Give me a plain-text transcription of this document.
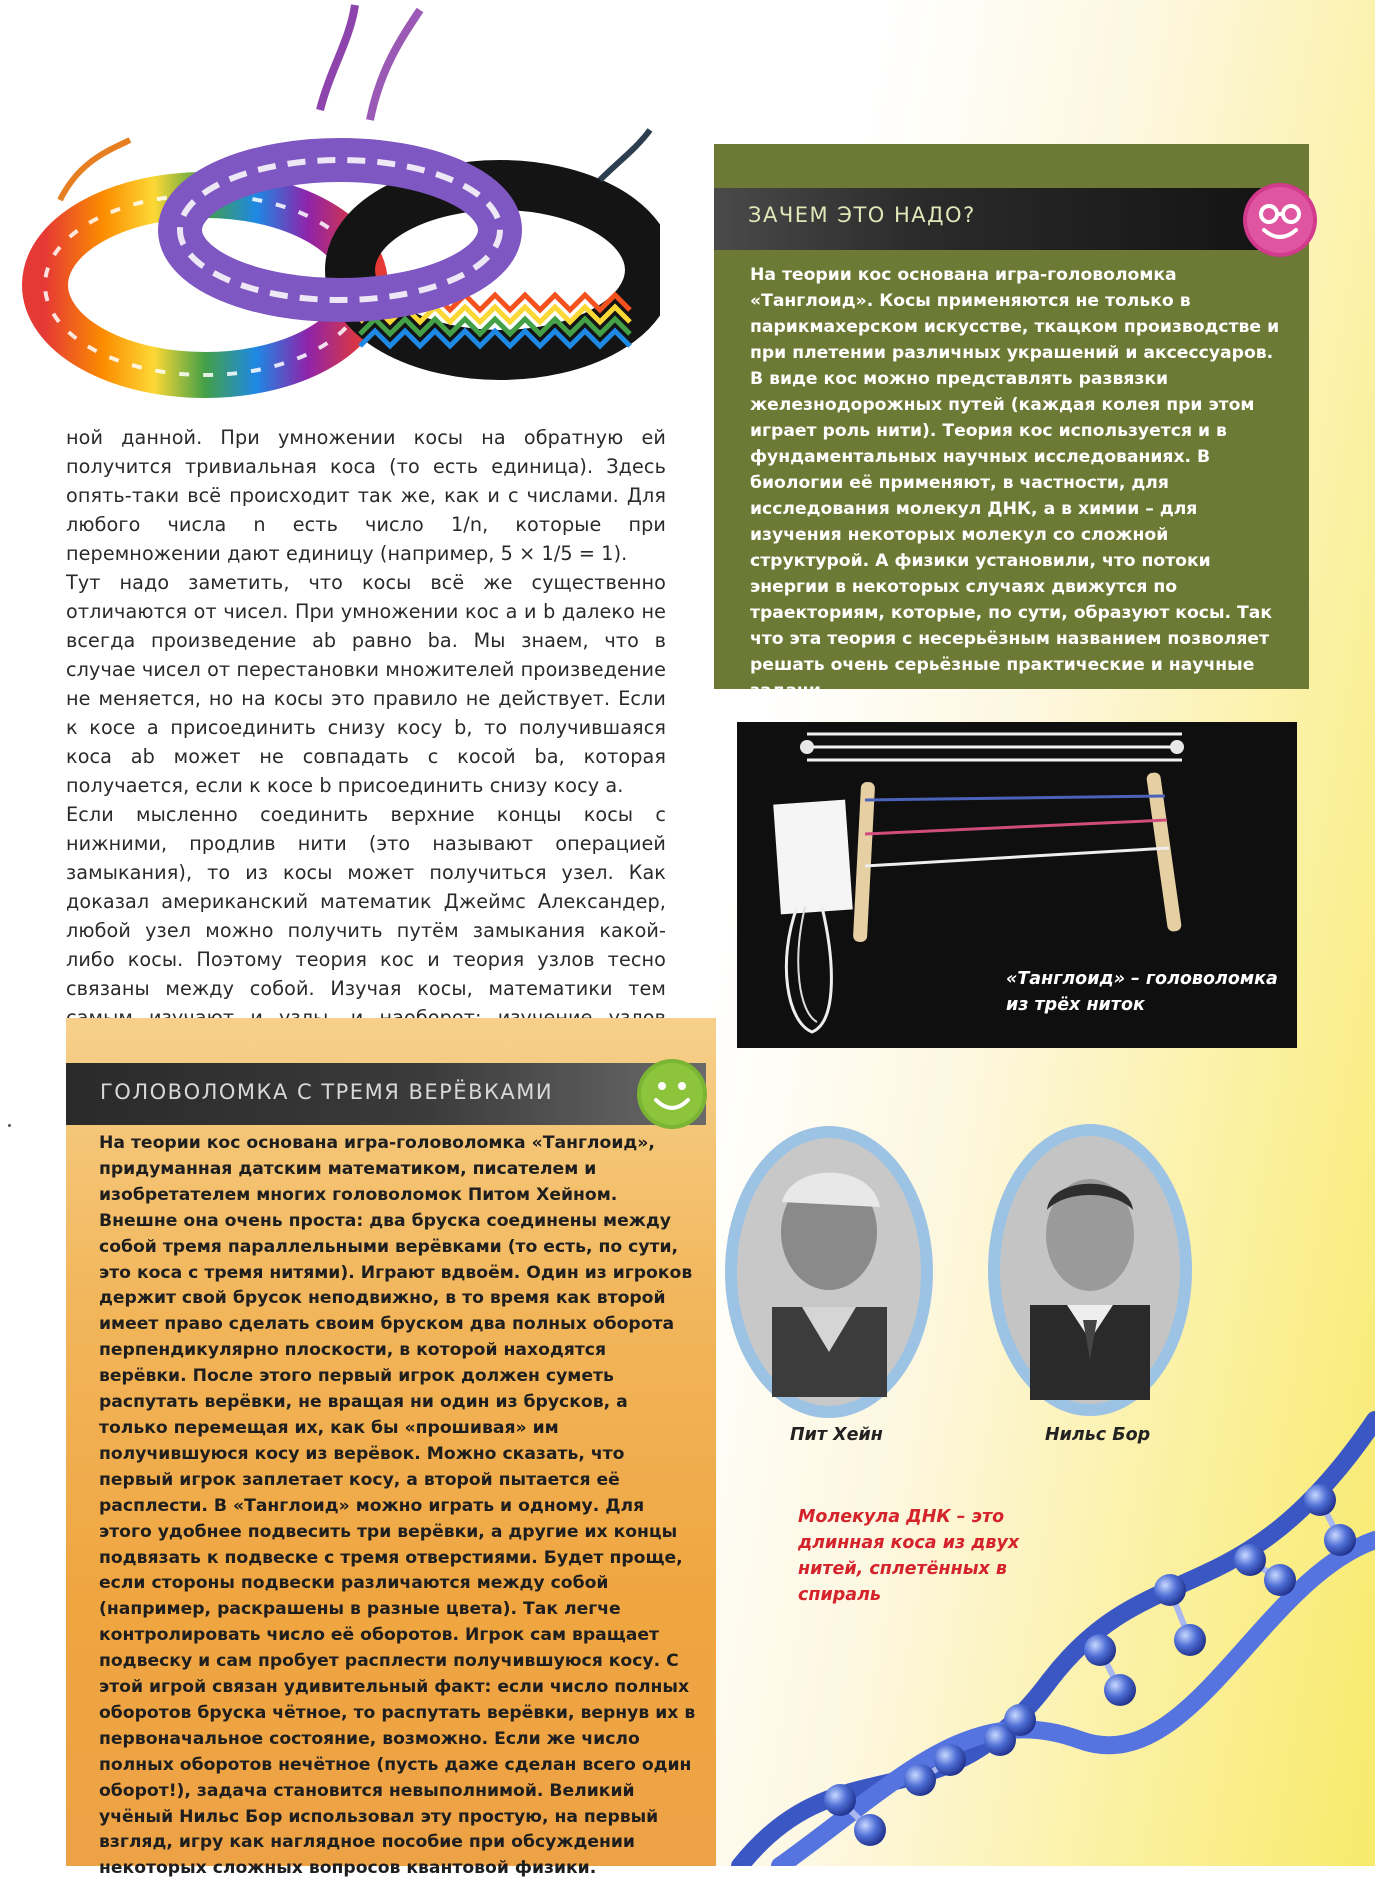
ной данной. При умножении косы на обратную ей получится тривиальная коса (то есть единица). Здесь опять-таки всё происходит так же, как и с числами. Для любого числа n есть число 1/n, которые при перемножении дают единицу (например, 5 × 1/5 = 1).

Тут надо заметить, что косы всё же существенно отличаются от чисел. При умножении кос a и b далеко не всегда произведение ab равно ba. Мы знаем, что в случае чисел от перестановки множителей произведение не меняется, но на косы это правило не действует. Если к косе a присоединить снизу косу b, то получившаяся коса ab может не совпадать с косой ba, которая получается, если к косе b присоединить снизу косу a.

Если мысленно соединить верхние концы косы с нижними, продлив нити (это называют операцией замыкания), то из косы может получиться узел. Как доказал американский математик Джеймс Александер, любой узел можно получить путём замыкания какой-либо косы. Поэтому теория кос и теория узлов тесно связаны между собой. Изучая косы, математики тем

ЗАЧЕМ ЭТО НАДО?
На теории кос основана игра-головоломка «Танглоид». Косы применяются не только в парикмахерском искусстве, ткацком производстве и при плетении различных украшений и аксессуаров. В виде кос можно представлять развязки железнодорожных путей (каждая колея при этом играет роль нити). Теория кос используется и в фундаментальных научных исследованиях. В биологии её применяют, в частности, для исследования молекул ДНК, а в химии – для изучения некоторых молекул со сложной структурой. А физики установили, что потоки энергии в некоторых случаях движутся по траекториям, которые, по сути, образуют косы. Так что эта теория с несерьёзным названием позволяет решать очень серьёзные практические и научные задачи.
«Танглоид» – головоломка из трёх ниток
ГОЛОВОЛОМКА С ТРЕМЯ ВЕРЁВКАМИ
На теории кос основана игра-головоломка «Танглоид», придуманная датским математиком, писателем и изобретателем многих головоломок Питом Хейном. Внешне она очень проста: два бруска соединены между собой тремя параллельными верёвками (то есть, по сути, это коса с тремя нитями). Играют вдвоём. Один из игроков держит свой брусок неподвижно, в то время как второй имеет право сделать своим бруском два полных оборота перпендикулярно плоскости, в которой находятся верёвки. После этого первый игрок должен суметь распутать верёвки, не вращая ни один из брусков, а только перемещая их, как бы «прошивая» им получившуюся косу из верёвок. Можно сказать, что первый игрок заплетает косу, а второй пытается её расплести. В «Танглоид» можно играть и одному. Для этого удобнее подвесить три верёвки, а другие их концы подвязать к подвеске с тремя отверстиями. Будет проще, если стороны подвески различаются между собой (например, раскрашены в разные цвета). Так легче контролировать число её оборотов. Игрок сам вращает подвеску и сам пробует расплести получившуюся косу. С этой игрой связан удивительный факт: если число полных оборотов бруска чётное, то распутать верёвки, вернув их в первоначальное состояние, возможно. Если же число полных оборотов нечётное (пусть даже сделан всего один оборот!), задача становится невыполнимой. Великий учёный Нильс Бор использовал эту простую, на первый взгляд, игру как наглядное пособие при обсуждении некоторых сложных вопросов квантовой физики.
Пит Хейн	Нильс Бор
Молекула ДНК – это длинная коса из двух нитей, сплетённых в спираль
